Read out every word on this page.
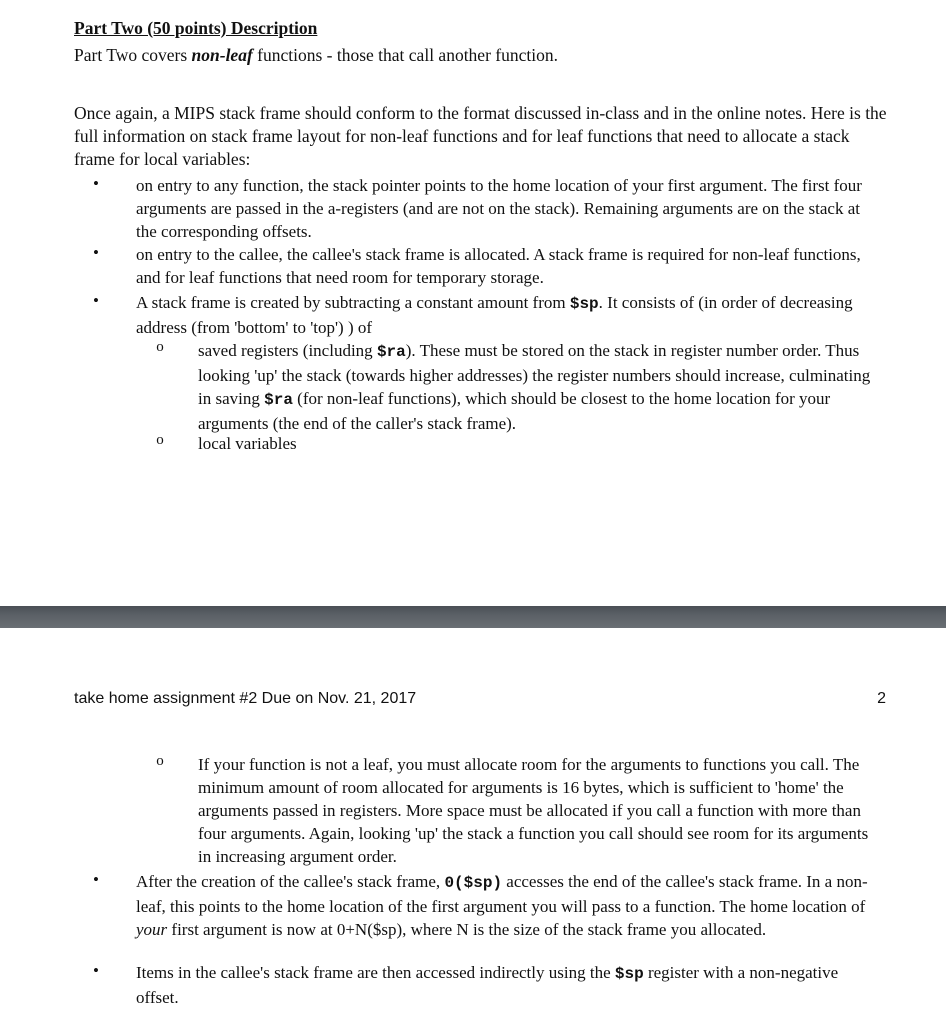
Part Two (50 points) Description

Part Two covers non-leaf functions - those that call another function.

Once again, a MIPS stack frame should conform to the format discussed in-class and in the online notes. Here is the full information on stack frame layout for non-leaf functions and for leaf functions that need to allocate a stack frame for local variables:

•	on entry to any function, the stack pointer points to the home location of your first argument. The first four arguments are passed in the a-registers (and are not on the stack). Remaining arguments are on the stack at the corresponding offsets.

•	on entry to the callee, the callee's stack frame is allocated. A stack frame is required for non-leaf functions, and for leaf functions that need room for temporary storage.

•	A stack frame is created by subtracting a constant amount from $sp. It consists of (in order of decreasing address (from 'bottom' to 'top') ) of

o	saved registers (including $ra). These must be stored on the stack in register number order. Thus looking 'up' the stack (towards higher addresses) the register numbers should increase, culminating in saving $ra (for non-leaf functions), which should be closest to the home location for your arguments (the end of the caller's stack frame).

o	local variables

take home assignment #2 Due on Nov. 21, 2017	2
o	If your function is not a leaf, you must allocate room for the arguments to functions you call. The minimum amount of room allocated for arguments is 16 bytes, which is sufficient to 'home' the arguments passed in registers. More space must be allocated if you call a function with more than four arguments. Again, looking 'up' the stack a function you call should see room for its arguments in increasing argument order.

•	After the creation of the callee's stack frame, 0($sp) accesses the end of the callee's stack frame. In a non-leaf, this points to the home location of the first argument you will pass to a function. The home location of your first argument is now at 0+N($sp), where N is the size of the stack frame you allocated.

•	Items in the callee's stack frame are then accessed indirectly using the $sp register with a non-negative offset.
